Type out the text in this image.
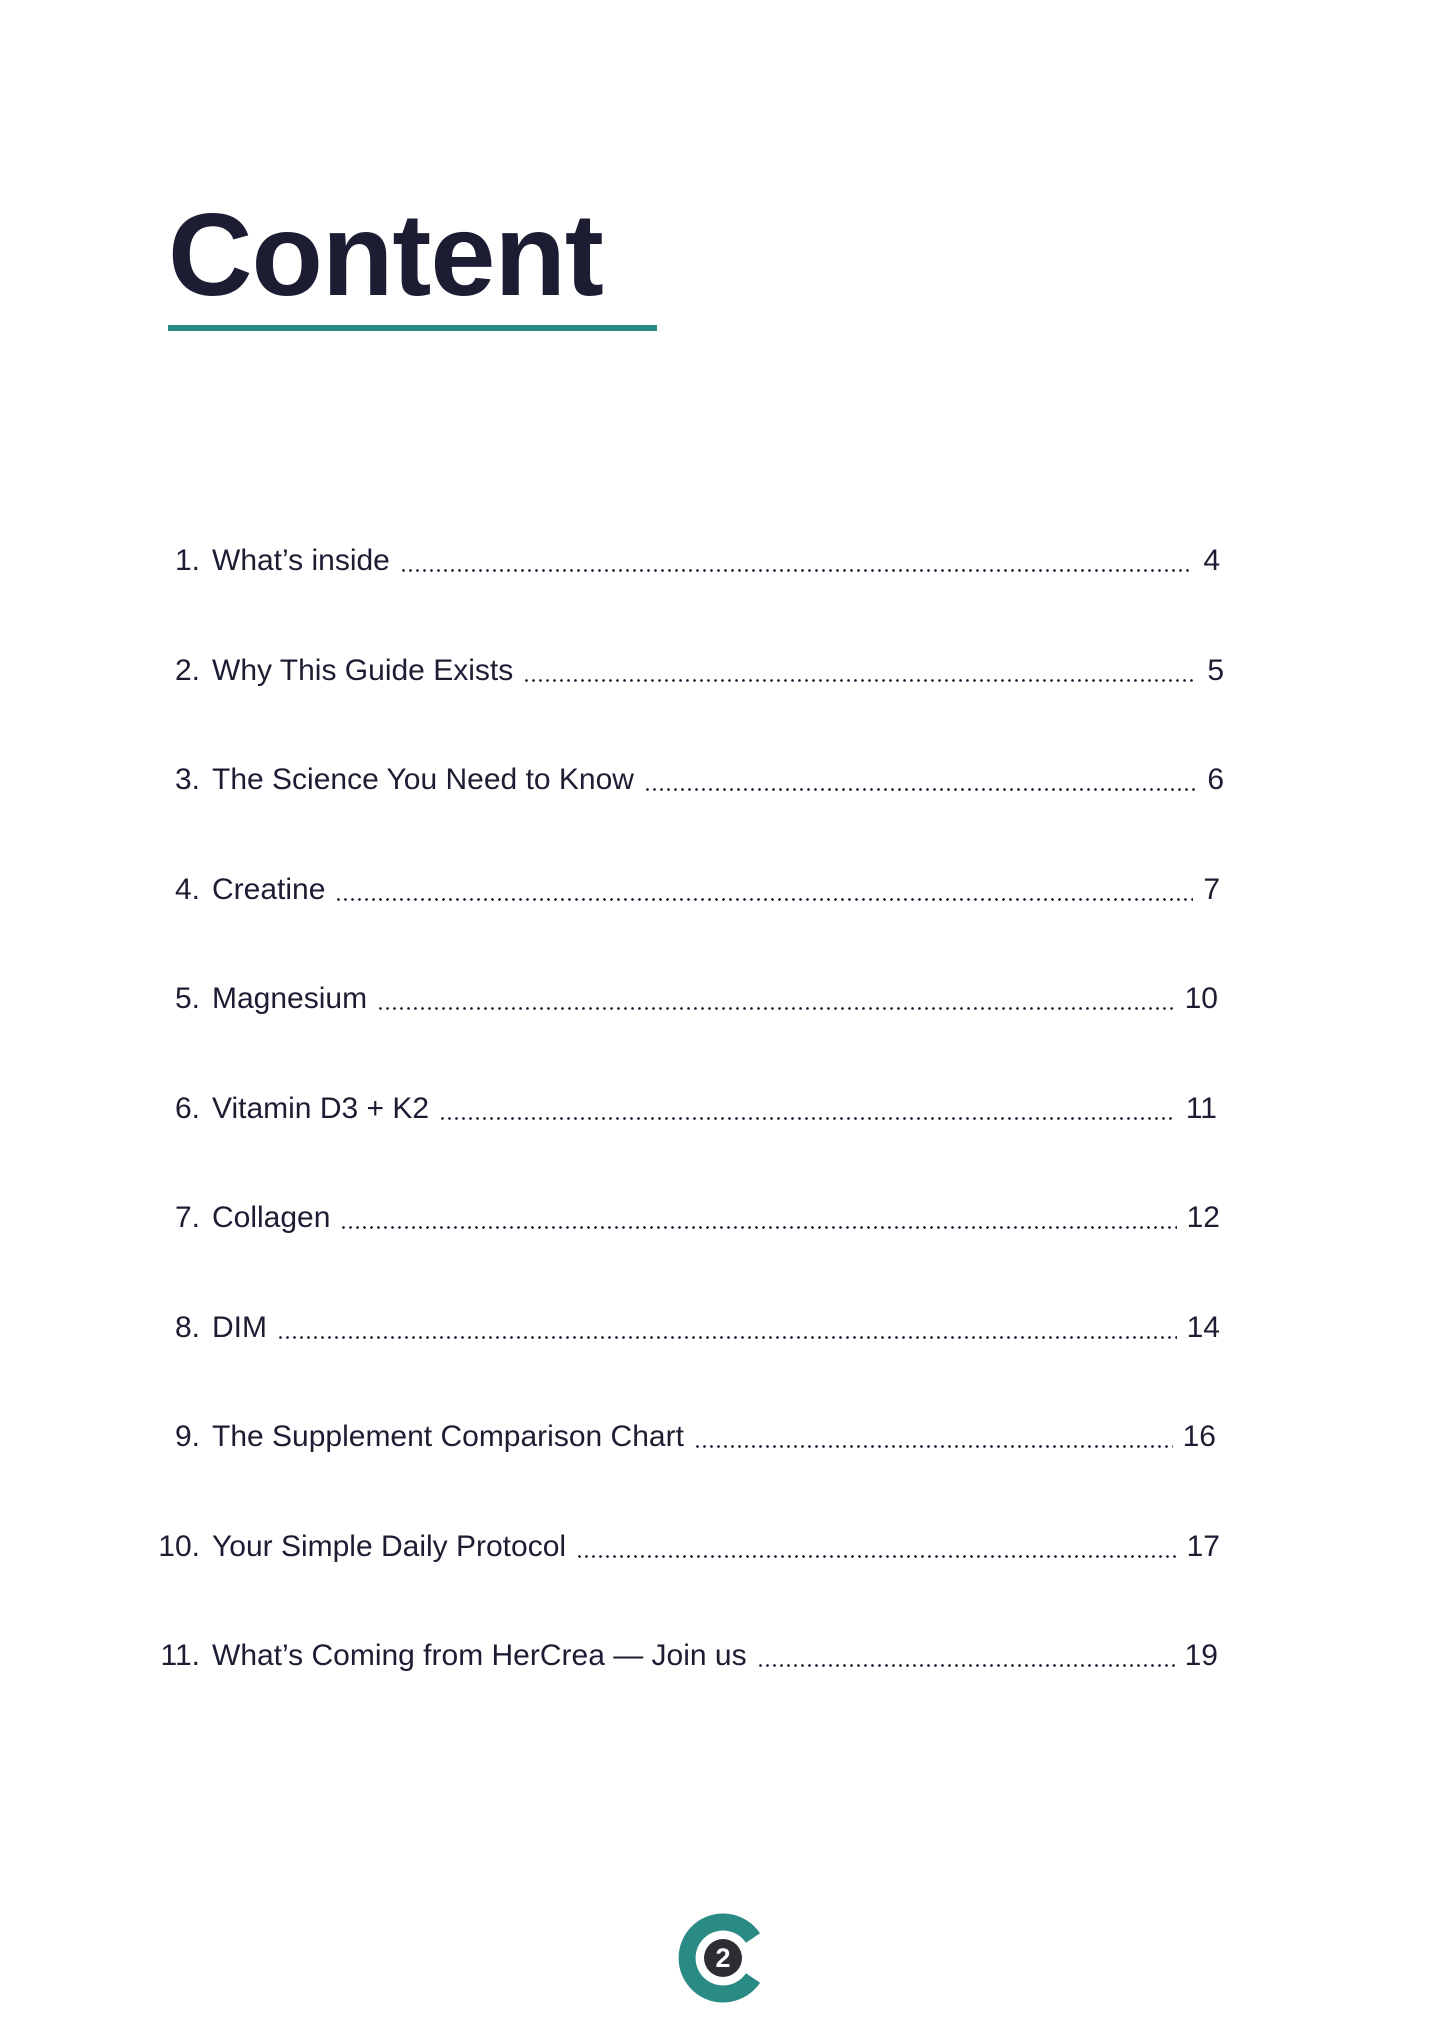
Content
1. What’s inside	4
2. Why This Guide Exists	5
3. The Science You Need to Know	6
4. Creatine	7
5. Magnesium	10
6. Vitamin D3 + K2	11
7. Collagen	12
8. DIM	14
9. The Supplement Comparison Chart	16
10. Your Simple Daily Protocol	17
11. What’s Coming from HerCrea — Join us	19
2
